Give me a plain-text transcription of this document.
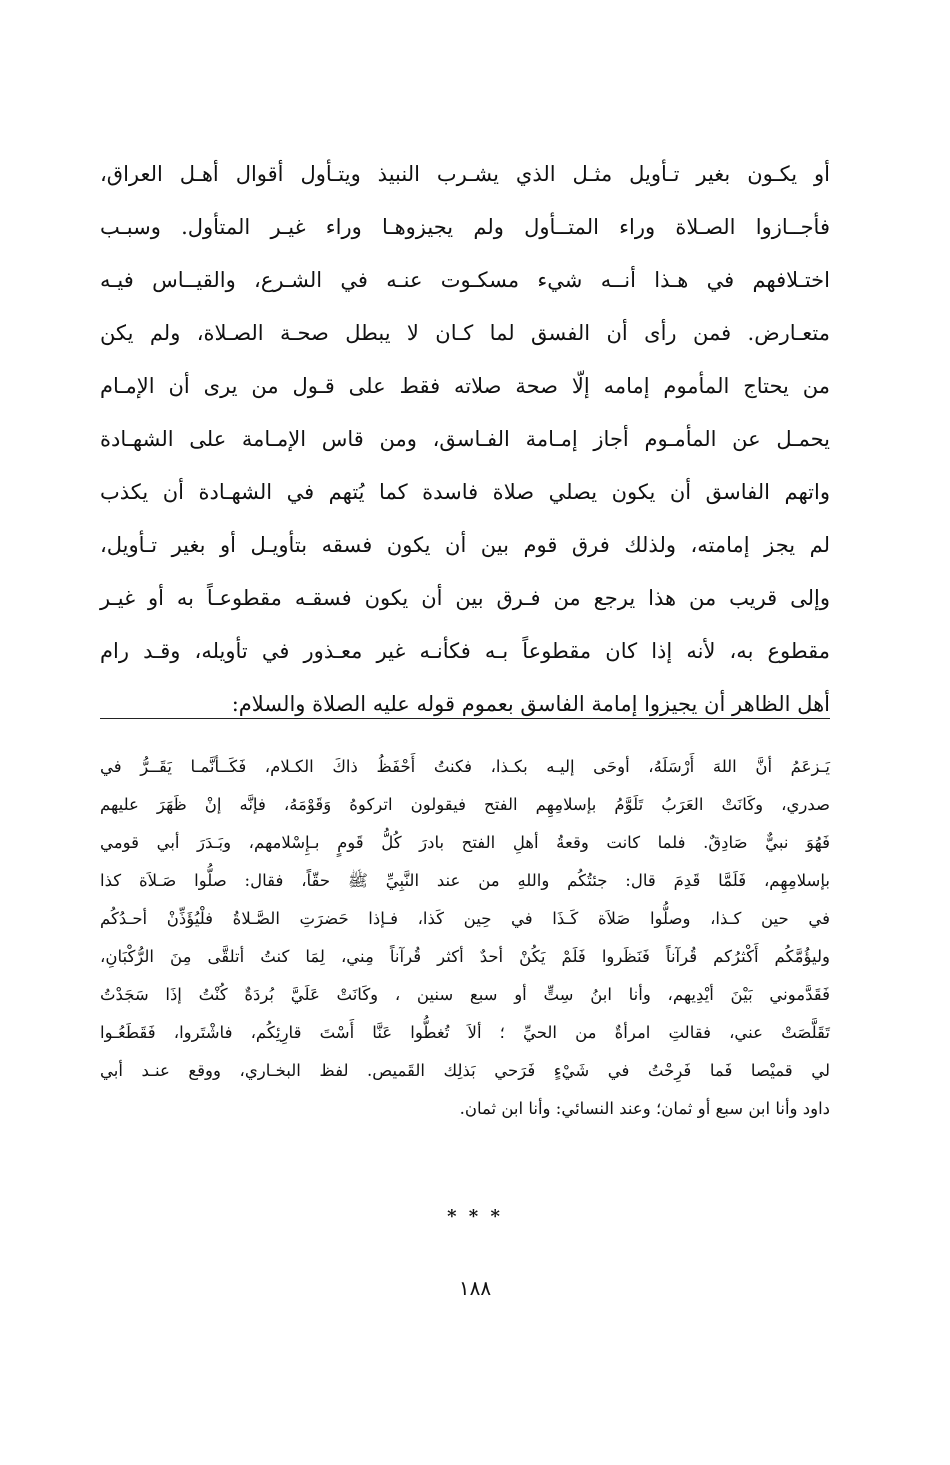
أو يكـون بغير تـأويل مثـل الذي يشـرب النبيذ ويتـأول أقوال أهـل العراق،
فأجــازوا الصـلاة وراء المتــأول ولم يجيزوهـا وراء غيـر المتأول. وسبـب
اختـلافهم في هـذا أنــه شيء مسكـوت عنـه في الشـرع، والقيــاس فيـه
متعـارض. فمن رأى أن الفسق لما كـان لا يبطل صحـة الصـلاة، ولم يكن
من يحتاج المأموم إمامه إلّا صحة صلاته فقط على قـول من يرى أن الإمـام
يحمـل عن المأمـوم أجاز إمـامة الفـاسق، ومن قاس الإمـامة على الشهـادة
واتهم الفاسق أن يكون يصلي صلاة فاسدة كما يُتهم في الشهـادة أن يكذب
لم يجز إمامته، ولذلك فرق قوم بين أن يكون فسقه بتأويـل أو بغير تـأويل،
وإلى قريب من هذا يرجع من فـرق بين أن يكون فسقـه مقطوعـاً به أو غيـر
مقطوع به، لأنه إذا كان مقطوعاً بـه فكأنـه غير معـذور في تأويله، وقـد رام
أهل الظاهر أن يجيزوا إمامة الفاسق بعموم قوله عليه الصلاة والسلام:
يَـزعَمُ أنَّ اللهَ أَرْسَلَهُ، أوحَى إليـه بكـذا، فكنتُ أَحْفَظُ ذاكَ الكـلام، فَكَــأنَّمـا يَقَــرُّ في
صدري، وكَانَتْ العَرَبُ تَلَوَّمُ بإسلامِهِم الفتح فيقولون اتركوهُ وَقَوْمَهُ، فإنَّه إنْ ظَهَرَ عليهم
فَهُوَ نبيٌّ صَادِقٌ. فلما كانت وقعةُ أهلِ الفتح بادرَ كُلُّ قَومٍ بـإِسْلامهم، وبَـدَرَ أبي قومي
بإسلامِهِم، فَلَمَّا قَدِمَ قال: جئتُكُم واللهِ من عند النَّبِيِّ ﷺ حقّاً، فقال: صلُّوا صَـلاَة كذا
في حين كـذا، وصلُّوا صَلاَة كَـذَا في حِين كَذا، فـإذا حَضرَتِ الصَّـلاةُ فلْيُؤَذِّنْ أحـدُكُم
وليؤُمَّكُم أَكْثرُكم قُرآناً فَنَظَروا فَلَمْ يَكُنْ أحدٌ أكثر قُرآناً مِني، لِمَا كنتُ أتلقَّى مِنَ الرُّكْبَانِ،
فَقَدَّموني بَيْنَ أيْدِيهم، وأنا ابنُ سِتٍّ أو سبع سنين ، وكَانَتْ عَلَيَّ بُردَةٌ كُنْتُ إذَا سَجَدْتُ
تَقَلَّصَتْ عني، فقالتِ امرأةٌ من الحيِّ ؛ ألاَ تُغطُّوا عَنَّا أَسْتَ قارِئِكُم، فاشْتَروا، فَقَطَعُـوا
لي قميْصا فَما فَرِحْتُ في شَيْءٍ فَرَحي بَذلِك القَميص. لفظ البخـاري، ووقع عنـد أبي
داود وأنا ابن سبع أو ثمان؛ وعند النسائي: وأنا ابن ثمان.
* * *
١٨٨
